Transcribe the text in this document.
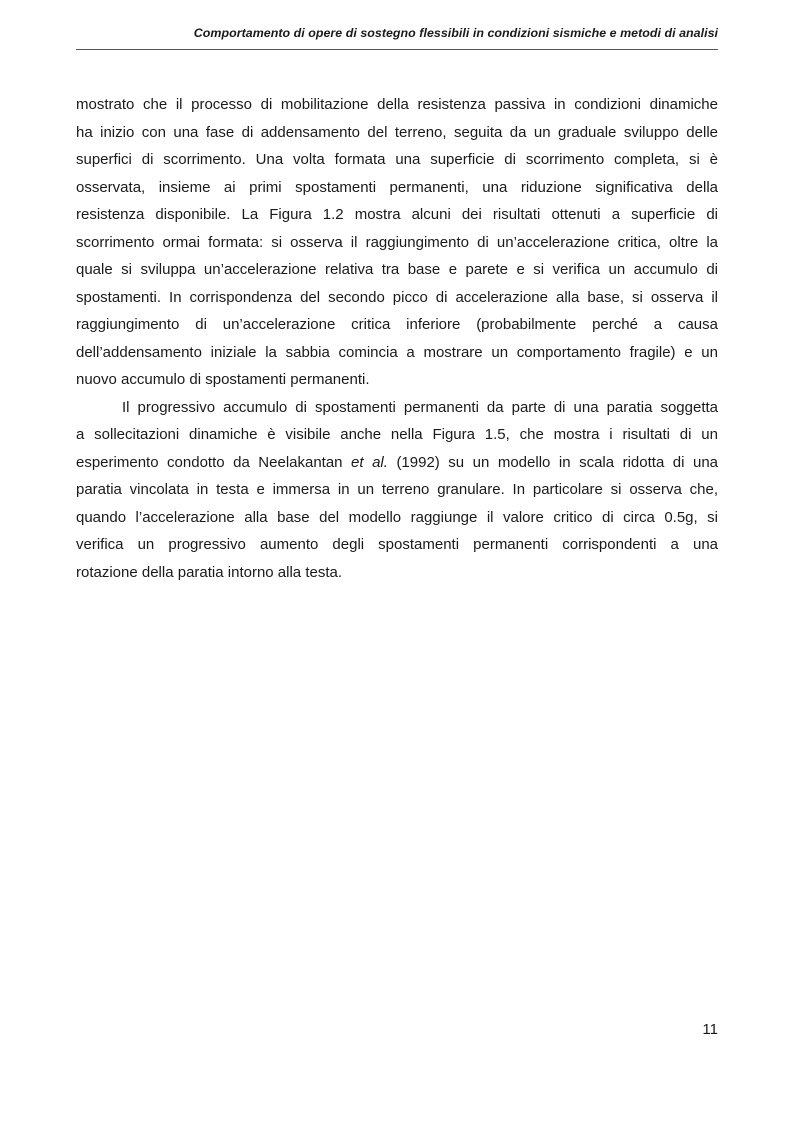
Comportamento di opere di sostegno flessibili in condizioni sismiche e metodi di analisi

mostrato che il processo di mobilitazione della resistenza passiva in condizioni dinamiche
ha inizio con una fase di addensamento del terreno, seguita da un graduale sviluppo delle
superfici di scorrimento. Una volta formata una superficie di scorrimento completa, si è
osservata, insieme ai primi spostamenti permanenti, una riduzione significativa della
resistenza disponibile. La Figura 1.2 mostra alcuni dei risultati ottenuti a superficie di
scorrimento ormai formata: si osserva il raggiungimento di un’accelerazione critica, oltre la
quale si sviluppa un’accelerazione relativa tra base e parete e si verifica un accumulo di
spostamenti. In corrispondenza del secondo picco di accelerazione alla base, si osserva il
raggiungimento di un’accelerazione critica inferiore (probabilmente perché a causa
dell’addensamento iniziale la sabbia comincia a mostrare un comportamento fragile) e un
nuovo accumulo di spostamenti permanenti.

Il progressivo accumulo di spostamenti permanenti da parte di una paratia soggetta
a sollecitazioni dinamiche è visibile anche nella Figura 1.5, che mostra i risultati di un
esperimento condotto da Neelakantan et al. (1992) su un modello in scala ridotta di una
paratia vincolata in testa e immersa in un terreno granulare. In particolare si osserva che,
quando l’accelerazione alla base del modello raggiunge il valore critico di circa 0.5g, si
verifica un progressivo aumento degli spostamenti permanenti corrispondenti a una
rotazione della paratia intorno alla testa.

11
